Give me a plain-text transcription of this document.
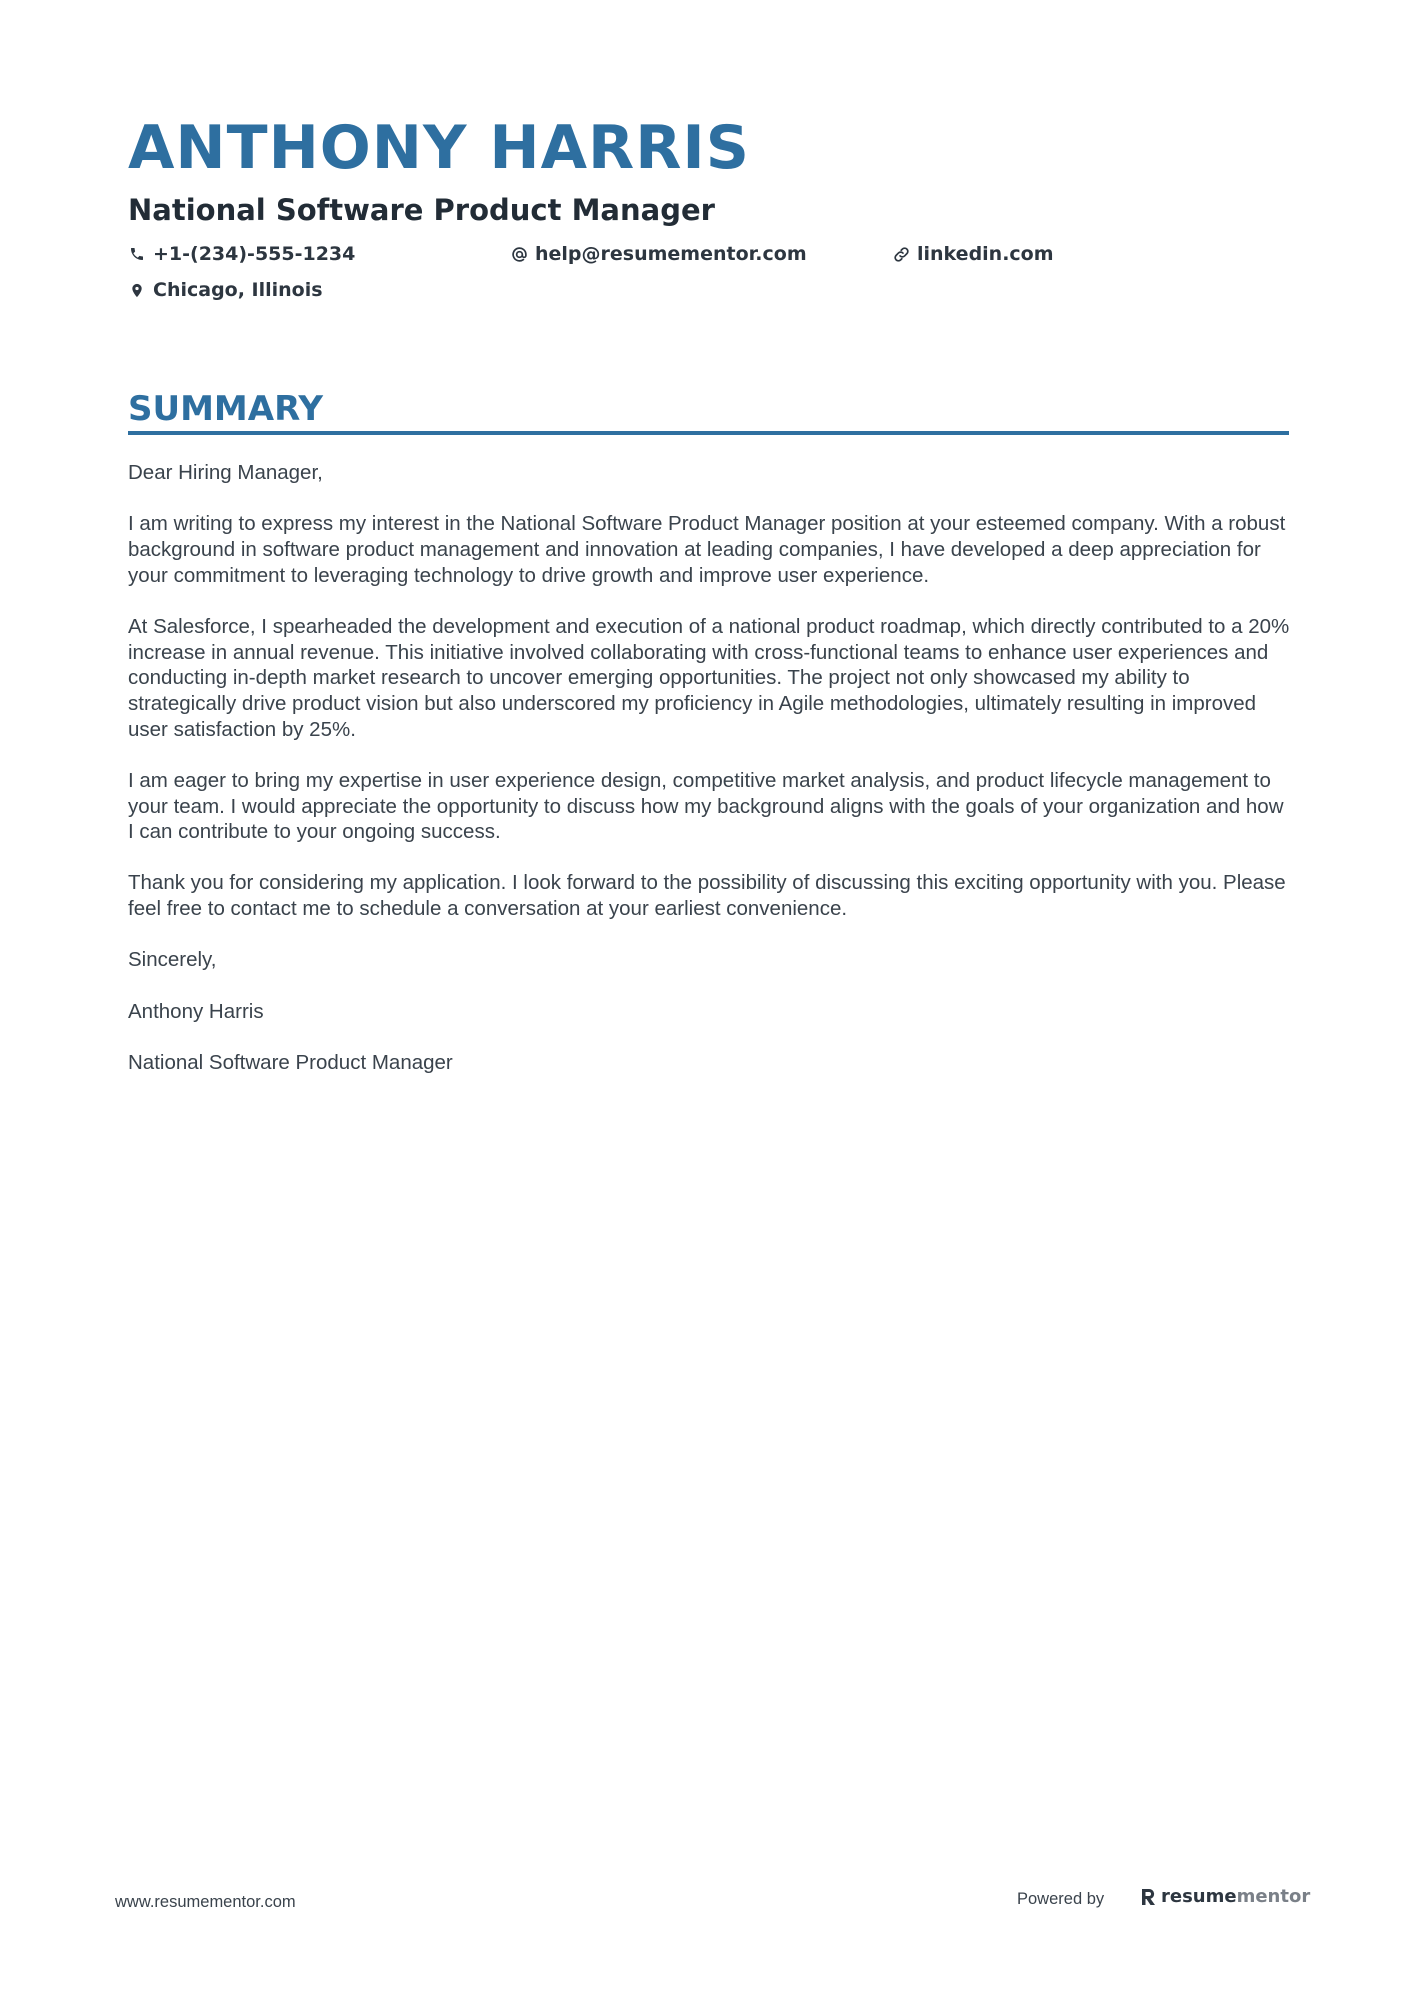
ANTHONY HARRIS
National Software Product Manager
+1-(234)-555-1234	help@resumementor.com	linkedin.com
Chicago, Illinois
SUMMARY

Dear Hiring Manager,

I am writing to express my interest in the National Software Product Manager position at your esteemed company. With a robust background in software product management and innovation at leading companies, I have developed a deep appreciation for your commitment to leveraging technology to drive growth and improve user experience.

At Salesforce, I spearheaded the development and execution of a national product roadmap, which directly contributed to a 20% increase in annual revenue. This initiative involved collaborating with cross-functional teams to enhance user experiences and conducting in-depth market research to uncover emerging opportunities. The project not only showcased my ability to strategically drive product vision but also underscored my proficiency in Agile methodologies, ultimately resulting in improved user satisfaction by 25%.

I am eager to bring my expertise in user experience design, competitive market analysis, and product lifecycle management to your team. I would appreciate the opportunity to discuss how my background aligns with the goals of your organization and how I can contribute to your ongoing success.

Thank you for considering my application. I look forward to the possibility of discussing this exciting opportunity with you. Please feel free to contact me to schedule a conversation at your earliest convenience.

Sincerely,

Anthony Harris

National Software Product Manager

www.resumementor.com	Powered by	resume mentor
